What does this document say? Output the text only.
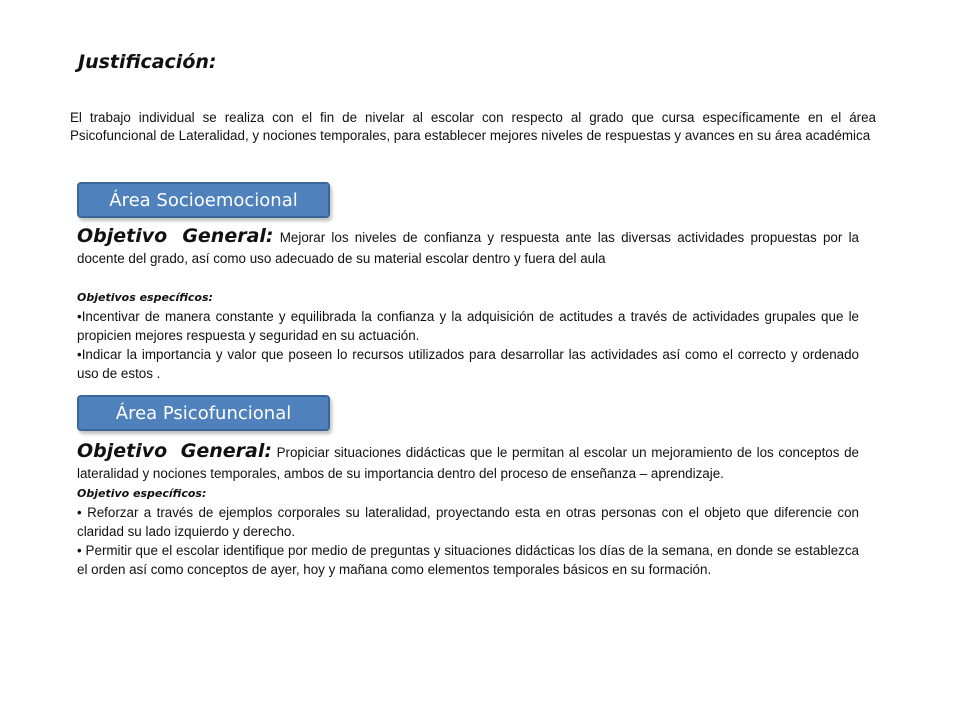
Justificación:
El trabajo individual se realiza con el fin de nivelar al escolar con respecto al grado que cursa específicamente en el área Psicofuncional de Lateralidad, y nociones temporales, para establecer mejores niveles de respuestas y avances en su área académica
Área Socioemocional
Objetivo General: Mejorar los niveles de confianza y respuesta ante las diversas actividades propuestas por la docente del grado, así como uso adecuado de su material escolar dentro y fuera del aula

Objetivos específicos:

•Incentivar de manera constante y equilibrada la confianza y la adquisición de actitudes a través de actividades grupales que le propicien mejores respuesta y seguridad en su actuación.

•Indicar la importancia y valor que poseen lo recursos utilizados para desarrollar las actividades así como el correcto y ordenado uso de estos .

Área Psicofuncional
Objetivo General: Propiciar situaciones didácticas que le permitan al escolar un mejoramiento de los conceptos de lateralidad y nociones temporales, ambos de su importancia dentro del proceso de enseñanza – aprendizaje.

Objetivo específicos:

• Reforzar a través de ejemplos corporales su lateralidad, proyectando esta en otras personas con el objeto que diferencie con claridad su lado izquierdo y derecho.

• Permitir que el escolar identifique por medio de preguntas y situaciones didácticas los días de la semana, en donde se establezca el orden así como conceptos de ayer, hoy y mañana como elementos temporales básicos en su formación.
